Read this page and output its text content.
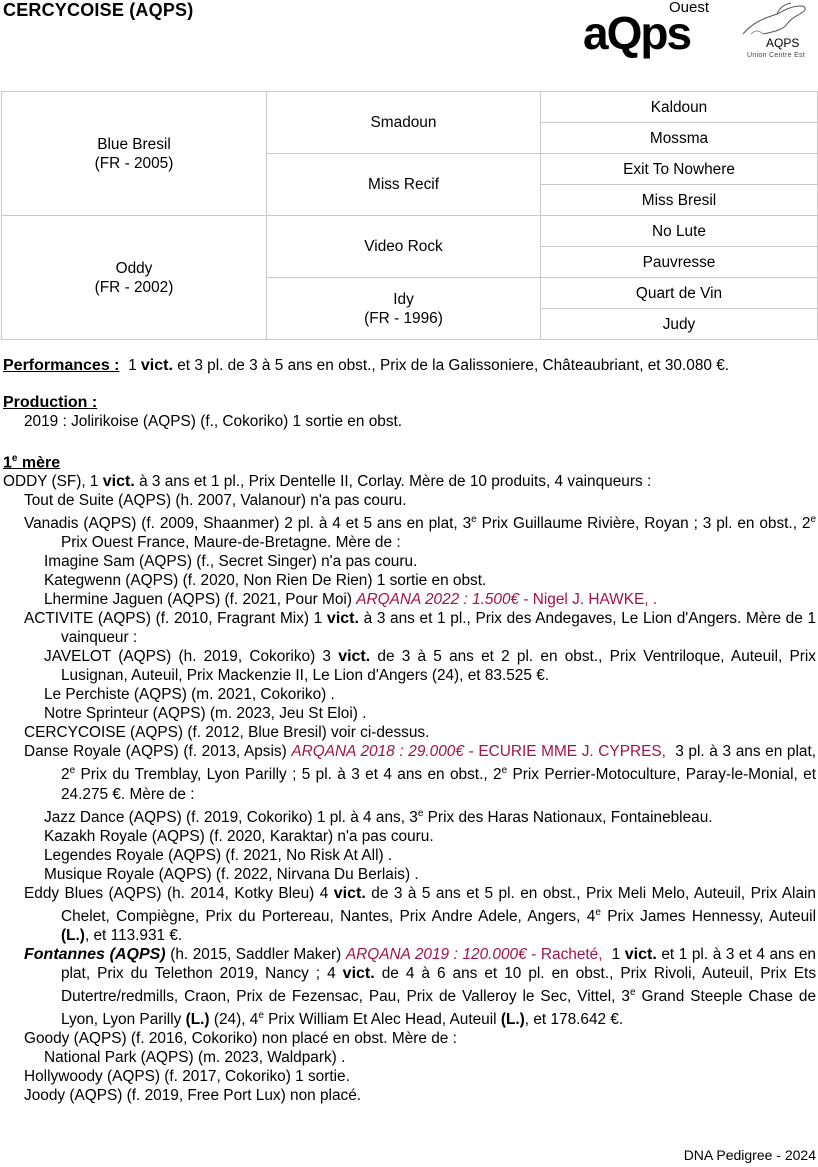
CERCYCOISE (AQPS)	Ouest
aQps	AQPS
Union Centre Est
Blue Bresil
(FR - 2005)	Smadoun	Kaldoun
		Mossma
	Miss Recif	Exit To Nowhere
		Miss Bresil
Oddy
(FR - 2002)	Video Rock	No Lute
		Pauvresse
	Idy
(FR - 1996)	Quart de Vin
		Judy
Performances : 1 vict. et 3 pl. de 3 à 5 ans en obst., Prix de la Galissoniere, Châteaubriant, et 30.080 €.
Production :
2019 : Jolirikoise (AQPS) (f., Cokoriko) 1 sortie en obst.
1e mère
ODDY (SF), 1 vict. à 3 ans et 1 pl., Prix Dentelle II, Corlay. Mère de 10 produits, 4 vainqueurs :
Tout de Suite (AQPS) (h. 2007, Valanour) n'a pas couru.
Vanadis (AQPS) (f. 2009, Shaanmer) 2 pl. à 4 et 5 ans en plat, 3e Prix Guillaume Rivière, Royan ; 3 pl. en obst., 2e Prix Ouest France, Maure-de-Bretagne. Mère de :
Imagine Sam (AQPS) (f., Secret Singer) n'a pas couru.
Kategwenn (AQPS) (f. 2020, Non Rien De Rien) 1 sortie en obst.
Lhermine Jaguen (AQPS) (f. 2021, Pour Moi) ARQANA 2022 : 1.500€ - Nigel J. HAWKE, .
ACTIVITE (AQPS) (f. 2010, Fragrant Mix) 1 vict. à 3 ans et 1 pl., Prix des Andegaves, Le Lion d'Angers. Mère de 1 vainqueur :
JAVELOT (AQPS) (h. 2019, Cokoriko) 3 vict. de 3 à 5 ans et 2 pl. en obst., Prix Ventriloque, Auteuil, Prix Lusignan, Auteuil, Prix Mackenzie II, Le Lion d'Angers (24), et 83.525 €.
Le Perchiste (AQPS) (m. 2021, Cokoriko) .
Notre Sprinteur (AQPS) (m. 2023, Jeu St Eloi) .
CERCYCOISE (AQPS) (f. 2012, Blue Bresil) voir ci-dessus.
Danse Royale (AQPS) (f. 2013, Apsis) ARQANA 2018 : 29.000€ - ECURIE MME J. CYPRES, 3 pl. à 3 ans en plat, 2e Prix du Tremblay, Lyon Parilly ; 5 pl. à 3 et 4 ans en obst., 2e Prix Perrier-Motoculture, Paray-le-Monial, et 24.275 €. Mère de :
Jazz Dance (AQPS) (f. 2019, Cokoriko) 1 pl. à 4 ans, 3e Prix des Haras Nationaux, Fontainebleau.
Kazakh Royale (AQPS) (f. 2020, Karaktar) n'a pas couru.
Legendes Royale (AQPS) (f. 2021, No Risk At All) .
Musique Royale (AQPS) (f. 2022, Nirvana Du Berlais) .
Eddy Blues (AQPS) (h. 2014, Kotky Bleu) 4 vict. de 3 à 5 ans et 5 pl. en obst., Prix Meli Melo, Auteuil, Prix Alain Chelet, Compiègne, Prix du Portereau, Nantes, Prix Andre Adele, Angers, 4e Prix James Hennessy, Auteuil (L.), et 113.931 €.
Fontannes (AQPS) (h. 2015, Saddler Maker) ARQANA 2019 : 120.000€ - Racheté, 1 vict. et 1 pl. à 3 et 4 ans en plat, Prix du Telethon 2019, Nancy ; 4 vict. de 4 à 6 ans et 10 pl. en obst., Prix Rivoli, Auteuil, Prix Ets Dutertre/redmills, Craon, Prix de Fezensac, Pau, Prix de Valleroy le Sec, Vittel, 3e Grand Steeple Chase de Lyon, Lyon Parilly (L.) (24), 4e Prix William Et Alec Head, Auteuil (L.), et 178.642 €.
Goody (AQPS) (f. 2016, Cokoriko) non placé en obst. Mère de :
National Park (AQPS) (m. 2023, Waldpark) .
Hollywoody (AQPS) (f. 2017, Cokoriko) 1 sortie.
Joody (AQPS) (f. 2019, Free Port Lux) non placé.
DNA Pedigree - 2024
